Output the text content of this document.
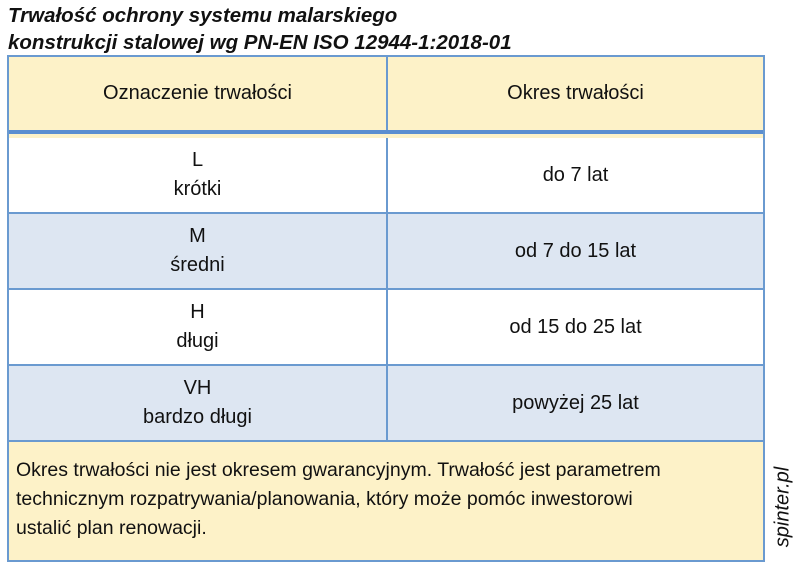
Trwałość ochrony systemu malarskiego
konstrukcji stalowej wg PN-EN ISO 12944-1:2018-01
Oznaczenie trwałości	Okres trwałości
L
krótki
do 7 lat
M
średni
od 7 do 15 lat
H
długi
od 15 do 25 lat
VH
bardzo długi
powyżej 25 lat
Okres trwałości nie jest okresem gwarancyjnym. Trwałość jest parametrem
technicznym rozpatrywania/planowania, który może pomóc inwestorowi
ustalić plan renowacji.	spinter.pl
